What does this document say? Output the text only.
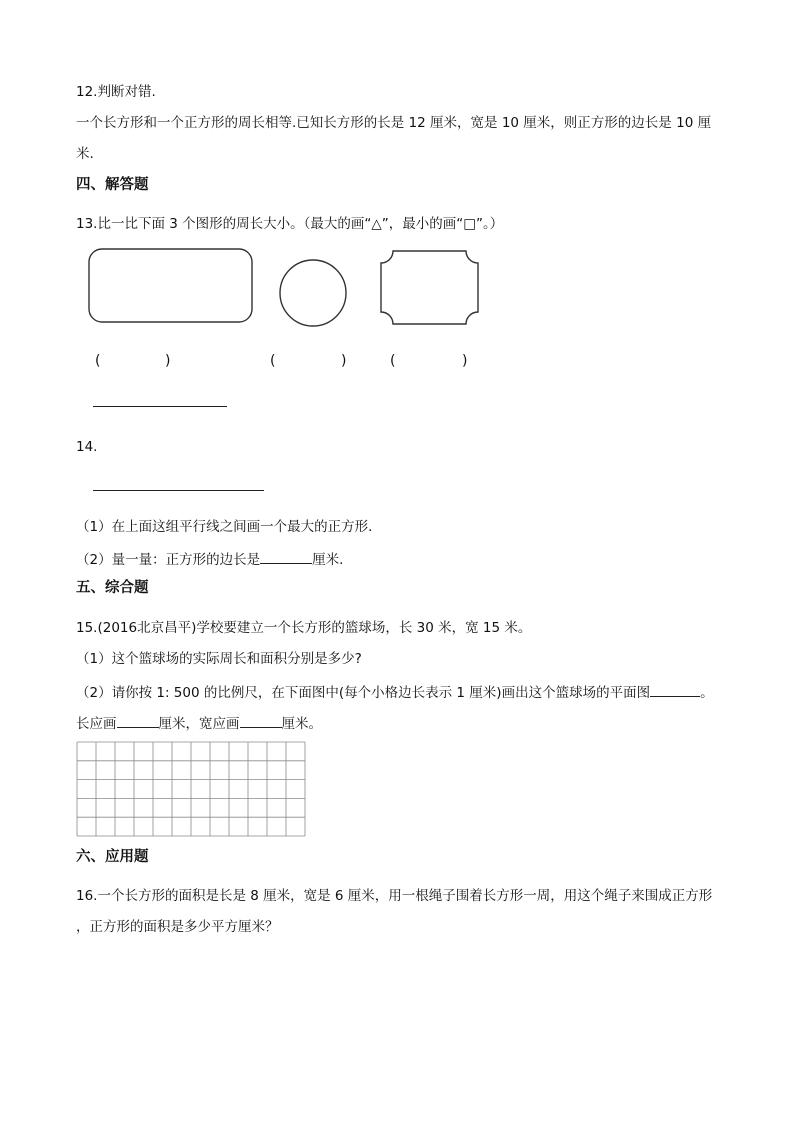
12.判断对错.
一个长方形和一个正方形的周长相等.已知长方形的长是 12 厘米，宽是 10 厘米，则正方形的边长是 10 厘
米.
四、解答题
13.比一比下面 3 个图形的周长大小。（最大的画“△”，最小的画“□”。）
(	)	(	)	(	)
14.
（1）在上面这组平行线之间画一个最大的正方形.
（2）量一量：正方形的边长是	厘米.
五、综合题
15.(2016北京昌平)学校要建立一个长方形的篮球场，长 30 米，宽 15 米。
（1）这个篮球场的实际周长和面积分别是多少?
（2）请你按 1: 500 的比例尺，在下面图中(每个小格边长表示 1 厘米)画出这个篮球场的平面图	。
长应画	厘米，宽应画	厘米。
六、应用题
16.一个长方形的面积是长是 8 厘米，宽是 6 厘米，用一根绳子围着长方形一周，用这个绳子来围成正方形
，正方形的面积是多少平方厘米？
